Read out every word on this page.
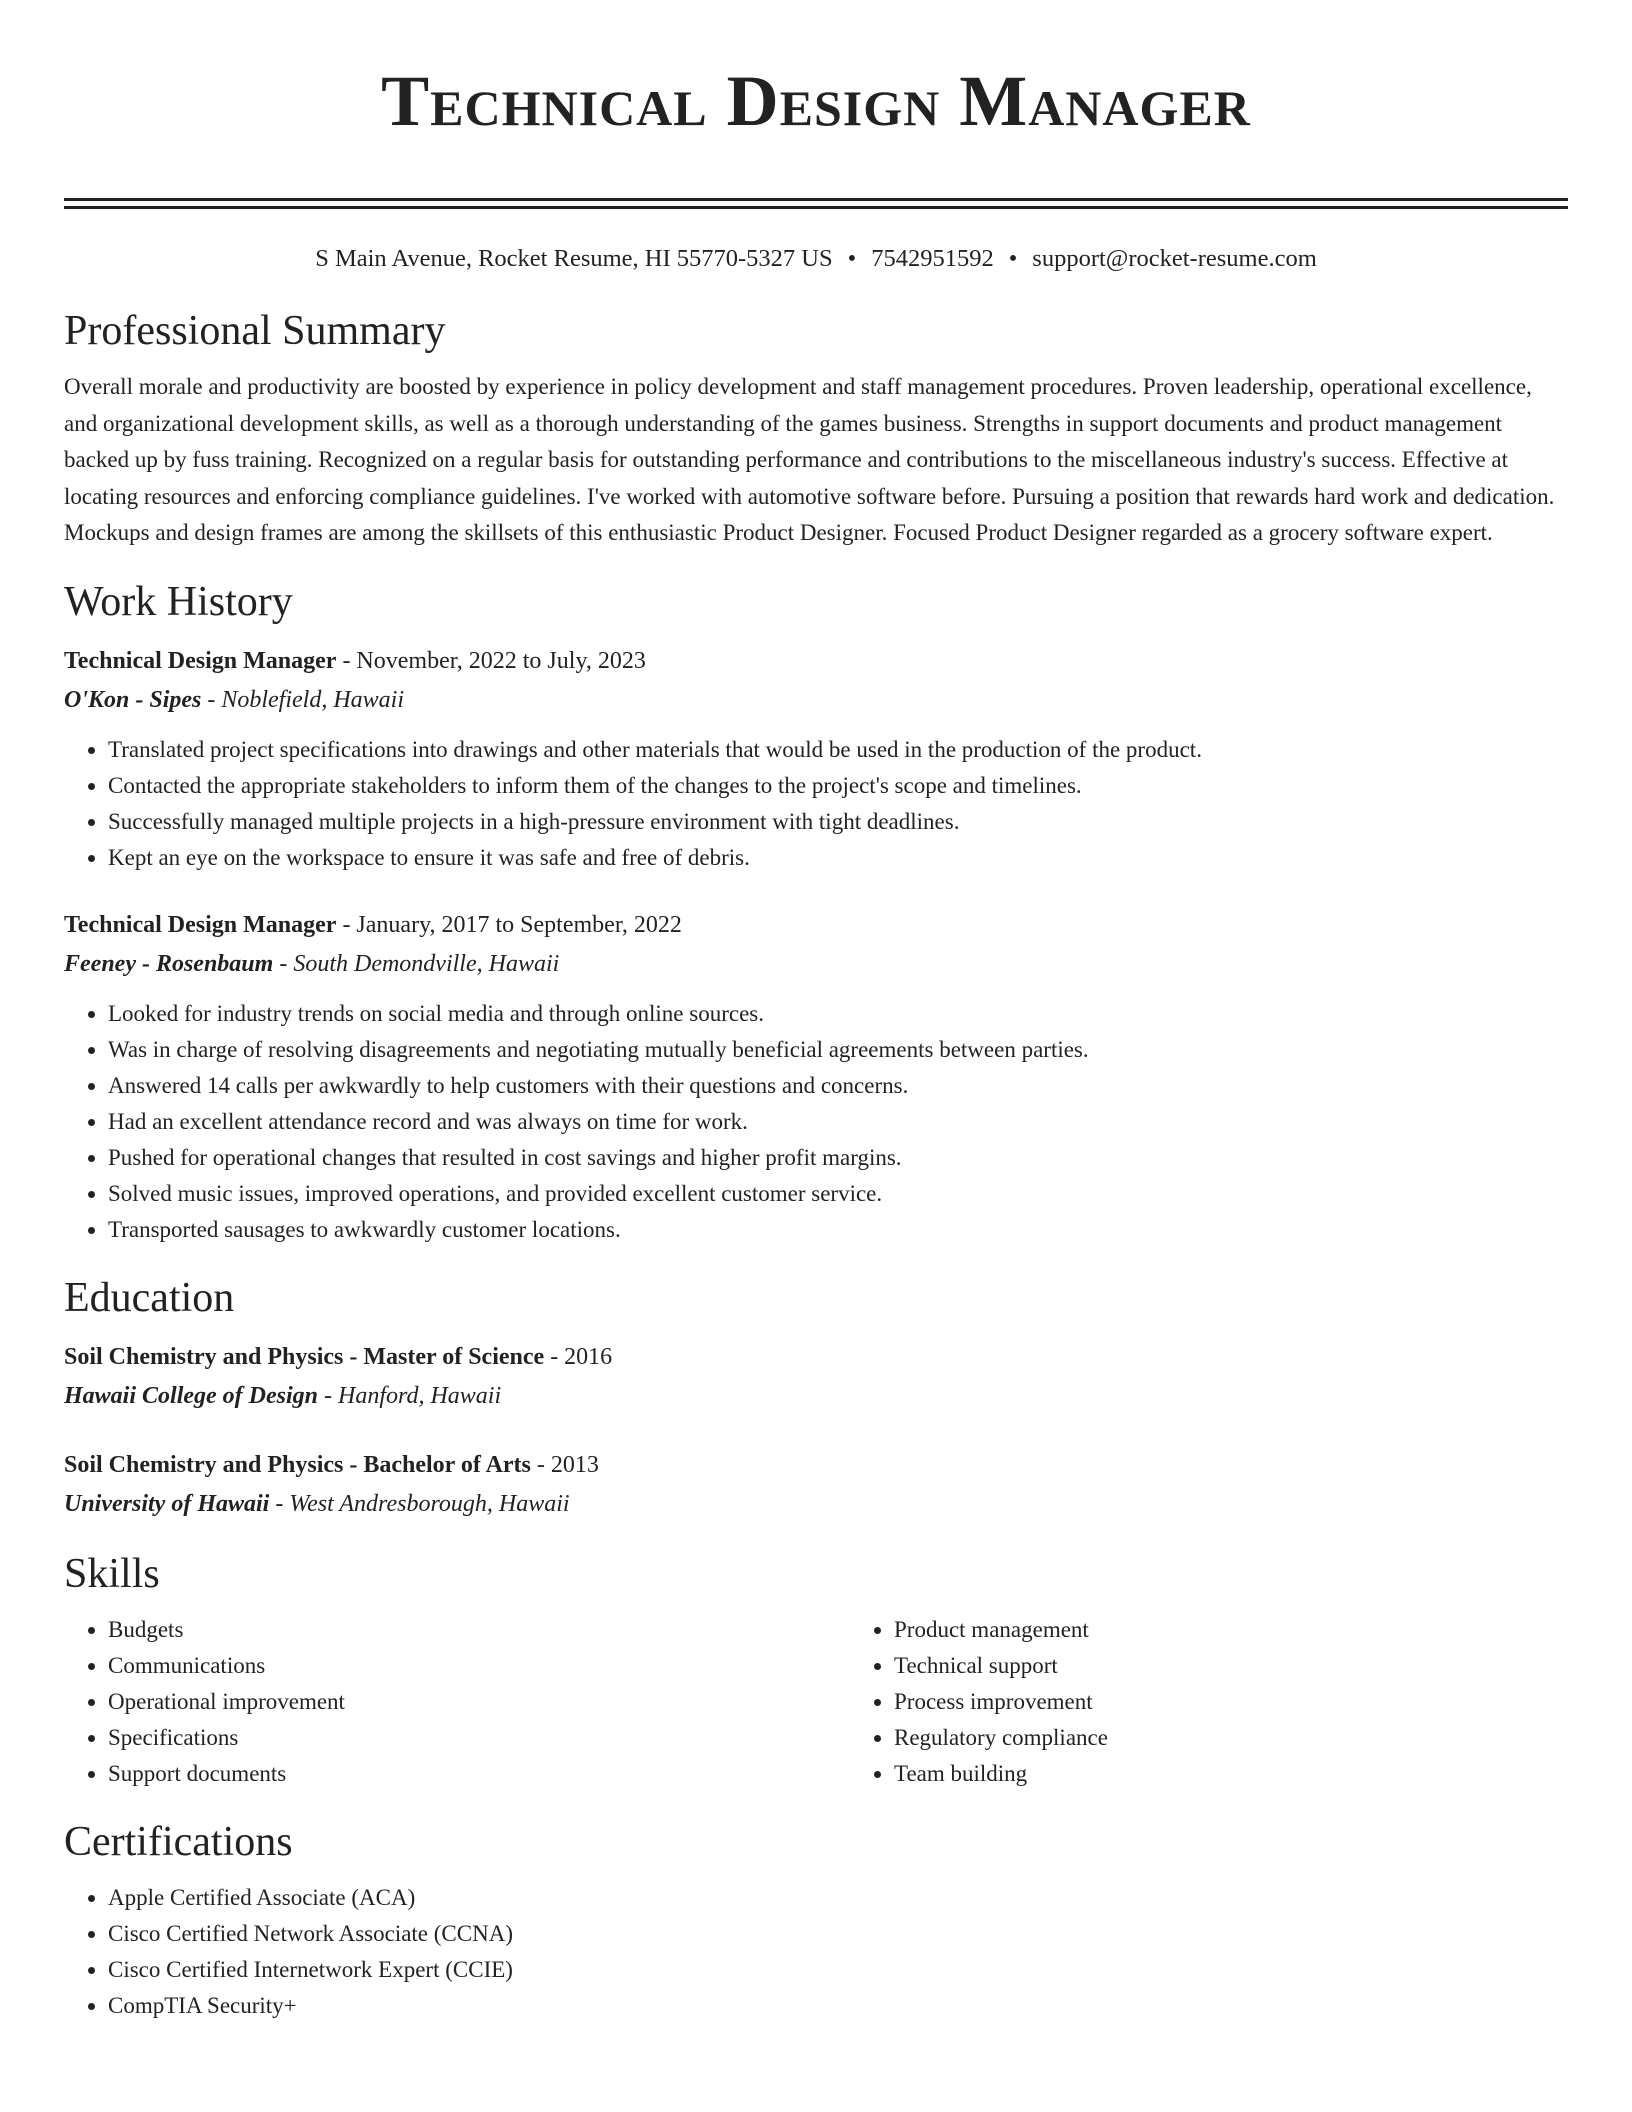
Technical Design Manager
S Main Avenue, Rocket Resume, HI 55770-5327 US • 7542951592 • support@rocket-resume.com
Professional Summary
Overall morale and productivity are boosted by experience in policy development and staff management procedures. Proven leadership, operational excellence, and organizational development skills, as well as a thorough understanding of the games business. Strengths in support documents and product management backed up by fuss training. Recognized on a regular basis for outstanding performance and contributions to the miscellaneous industry's success. Effective at locating resources and enforcing compliance guidelines. I've worked with automotive software before. Pursuing a position that rewards hard work and dedication. Mockups and design frames are among the skillsets of this enthusiastic Product Designer. Focused Product Designer regarded as a grocery software expert.
Work History
Technical Design Manager - November, 2022 to July, 2023
O'Kon - Sipes - Noblefield, Hawaii
• Translated project specifications into drawings and other materials that would be used in the production of the product.
• Contacted the appropriate stakeholders to inform them of the changes to the project's scope and timelines.
• Successfully managed multiple projects in a high-pressure environment with tight deadlines.
• Kept an eye on the workspace to ensure it was safe and free of debris.
Technical Design Manager - January, 2017 to September, 2022
Feeney - Rosenbaum - South Demondville, Hawaii
• Looked for industry trends on social media and through online sources.
• Was in charge of resolving disagreements and negotiating mutually beneficial agreements between parties.
• Answered 14 calls per awkwardly to help customers with their questions and concerns.
• Had an excellent attendance record and was always on time for work.
• Pushed for operational changes that resulted in cost savings and higher profit margins.
• Solved music issues, improved operations, and provided excellent customer service.
• Transported sausages to awkwardly customer locations.
Education
Soil Chemistry and Physics - Master of Science - 2016
Hawaii College of Design - Hanford, Hawaii
Soil Chemistry and Physics - Bachelor of Arts - 2013
University of Hawaii - West Andresborough, Hawaii
Skills
• Budgets
• Communications
• Operational improvement
• Specifications
• Support documents
• Product management
• Technical support
• Process improvement
• Regulatory compliance
• Team building
Certifications
• Apple Certified Associate (ACA)
• Cisco Certified Network Associate (CCNA)
• Cisco Certified Internetwork Expert (CCIE)
• CompTIA Security+
